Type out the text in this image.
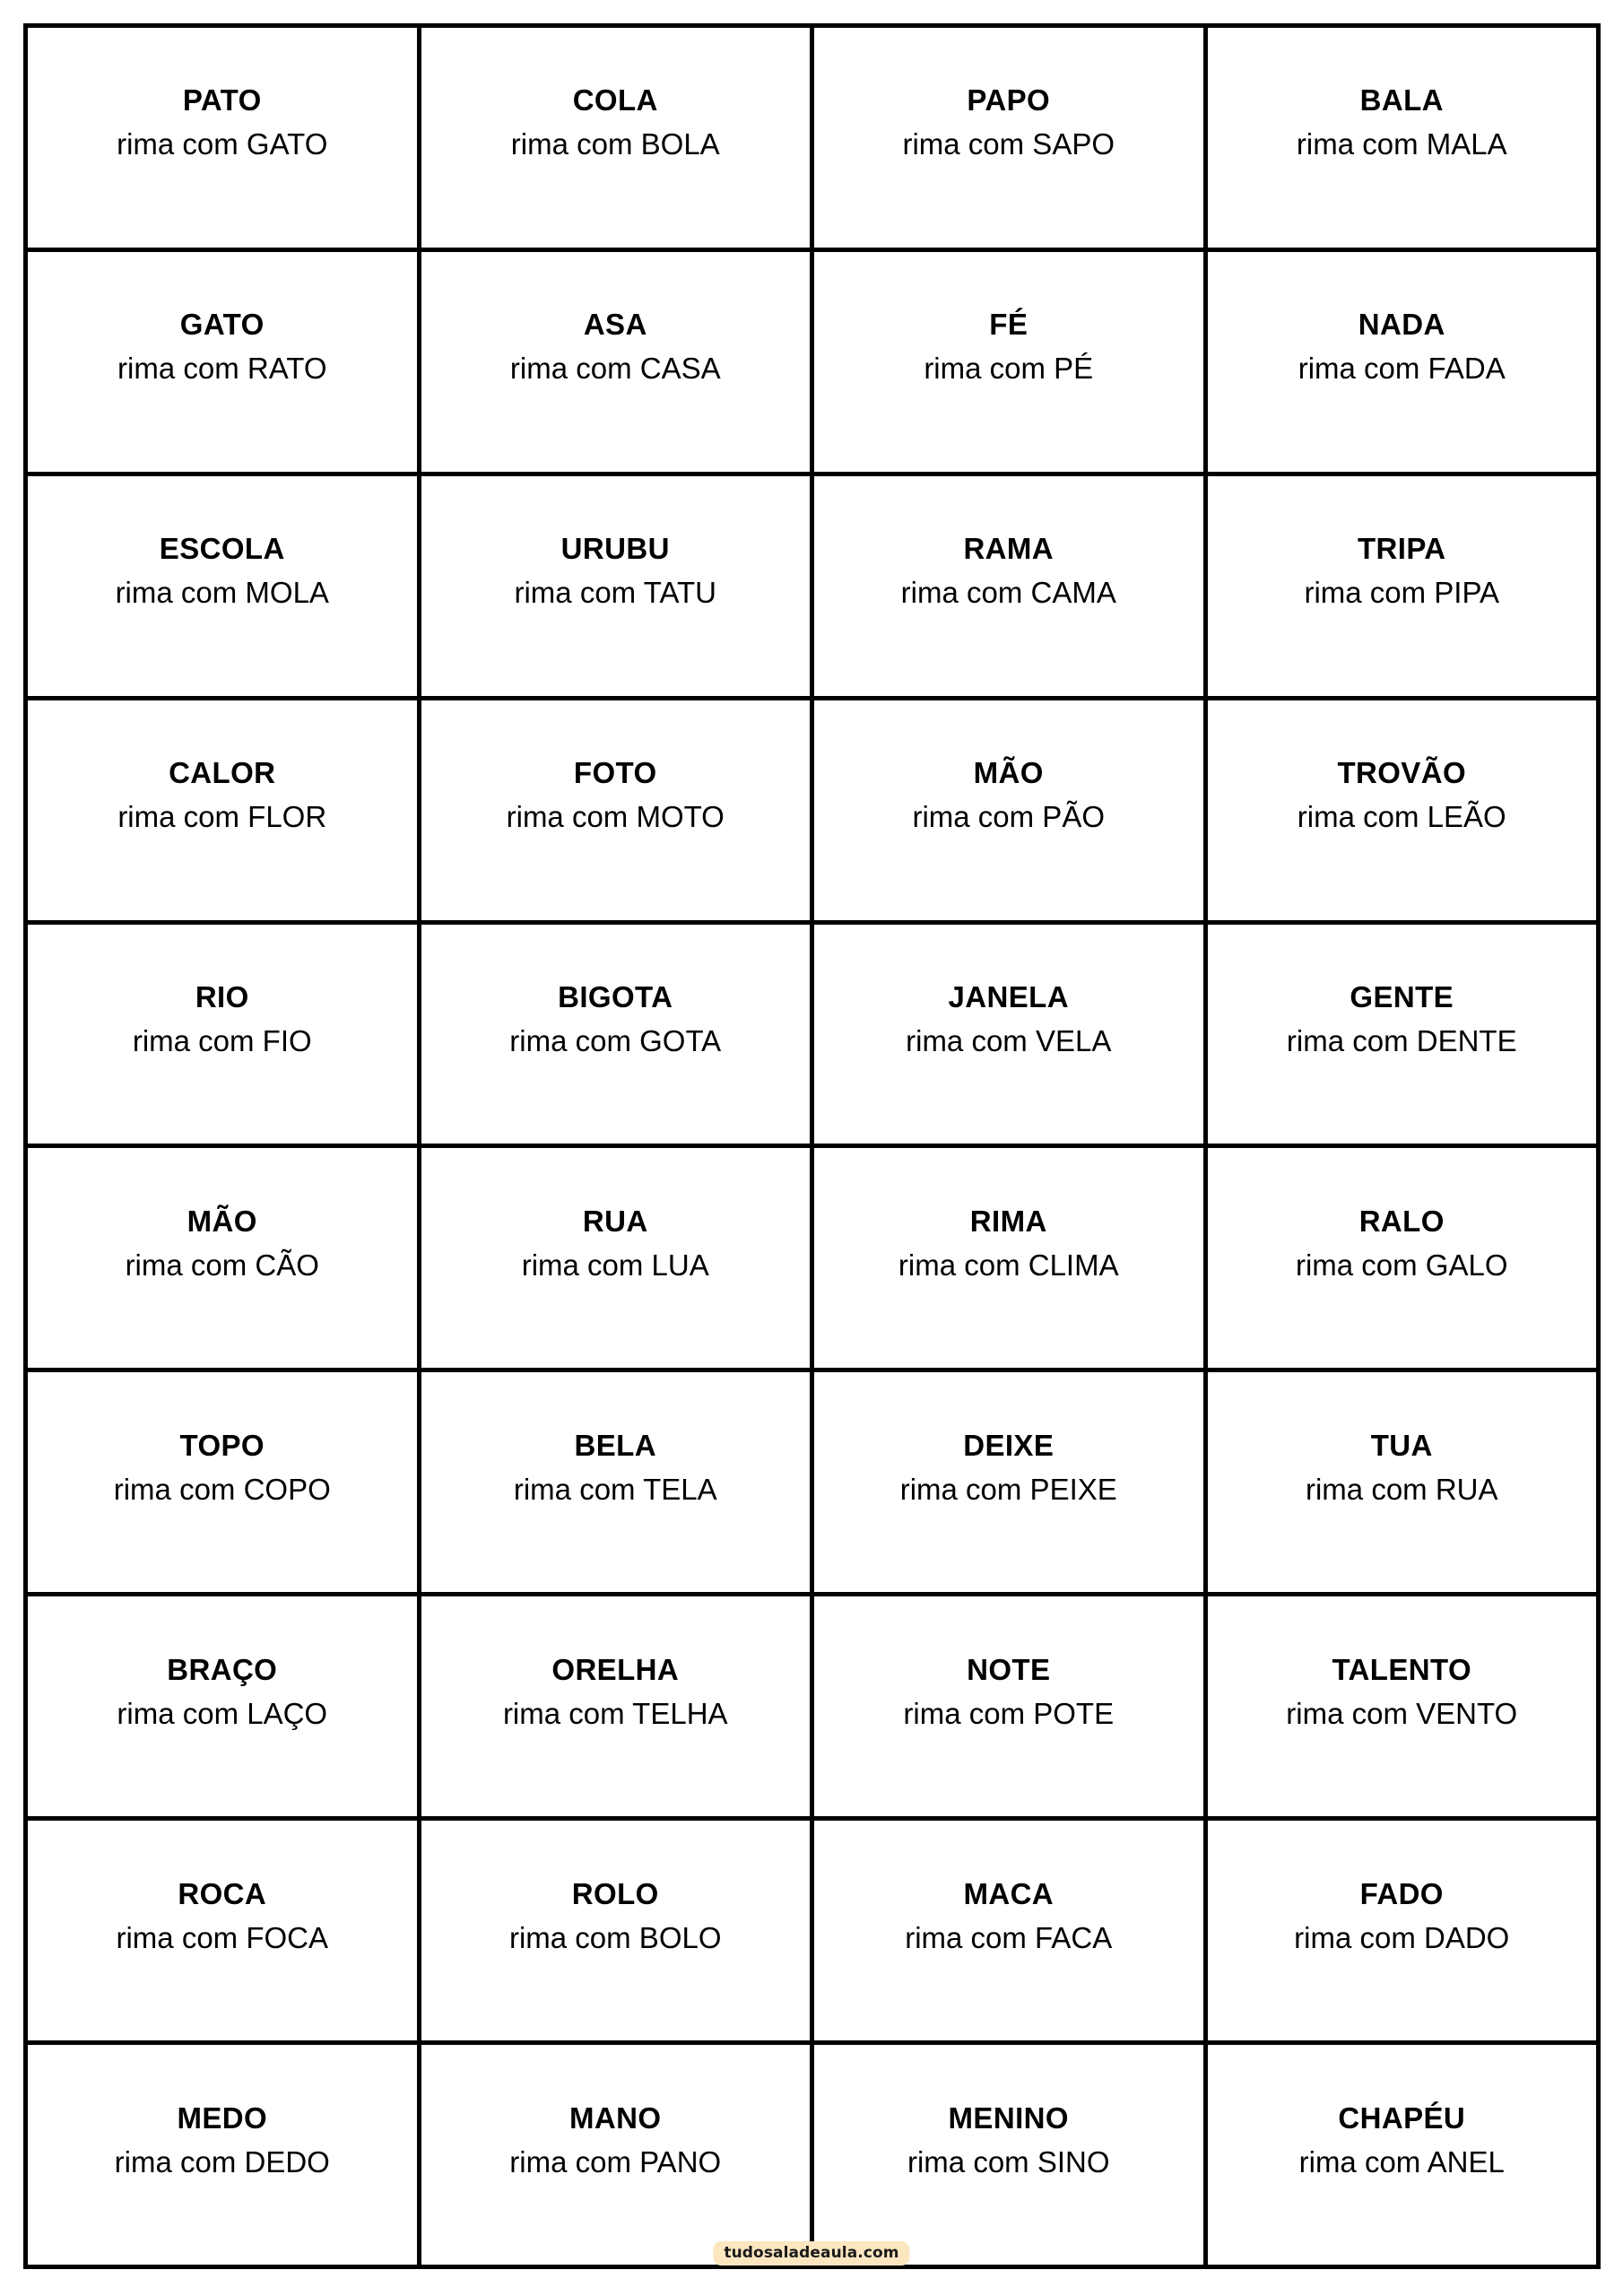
PATO
rima com GATO
COLA
rima com BOLA
PAPO
rima com SAPO
BALA
rima com MALA
GATO
rima com RATO
ASA
rima com CASA
FÉ
rima com PÉ
NADA
rima com FADA
ESCOLA
rima com MOLA
URUBU
rima com TATU
RAMA
rima com CAMA
TRIPA
rima com PIPA
CALOR
rima com FLOR
FOTO
rima com MOTO
MÃO
rima com PÃO
TROVÃO
rima com LEÃO
RIO
rima com FIO
BIGOTA
rima com GOTA
JANELA
rima com VELA
GENTE
rima com DENTE
MÃO
rima com CÃO
RUA
rima com LUA
RIMA
rima com CLIMA
RALO
rima com GALO
TOPO
rima com COPO
BELA
rima com TELA
DEIXE
rima com PEIXE
TUA
rima com RUA
BRAÇO
rima com LAÇO
ORELHA
rima com TELHA
NOTE
rima com POTE
TALENTO
rima com VENTO
ROCA
rima com FOCA
ROLO
rima com BOLO
MACA
rima com FACA
FADO
rima com DADO
MEDO
rima com DEDO
MANO
rima com PANO
MENINO
rima com SINO
CHAPÉU
rima com ANEL
tudosaladeaula.com
